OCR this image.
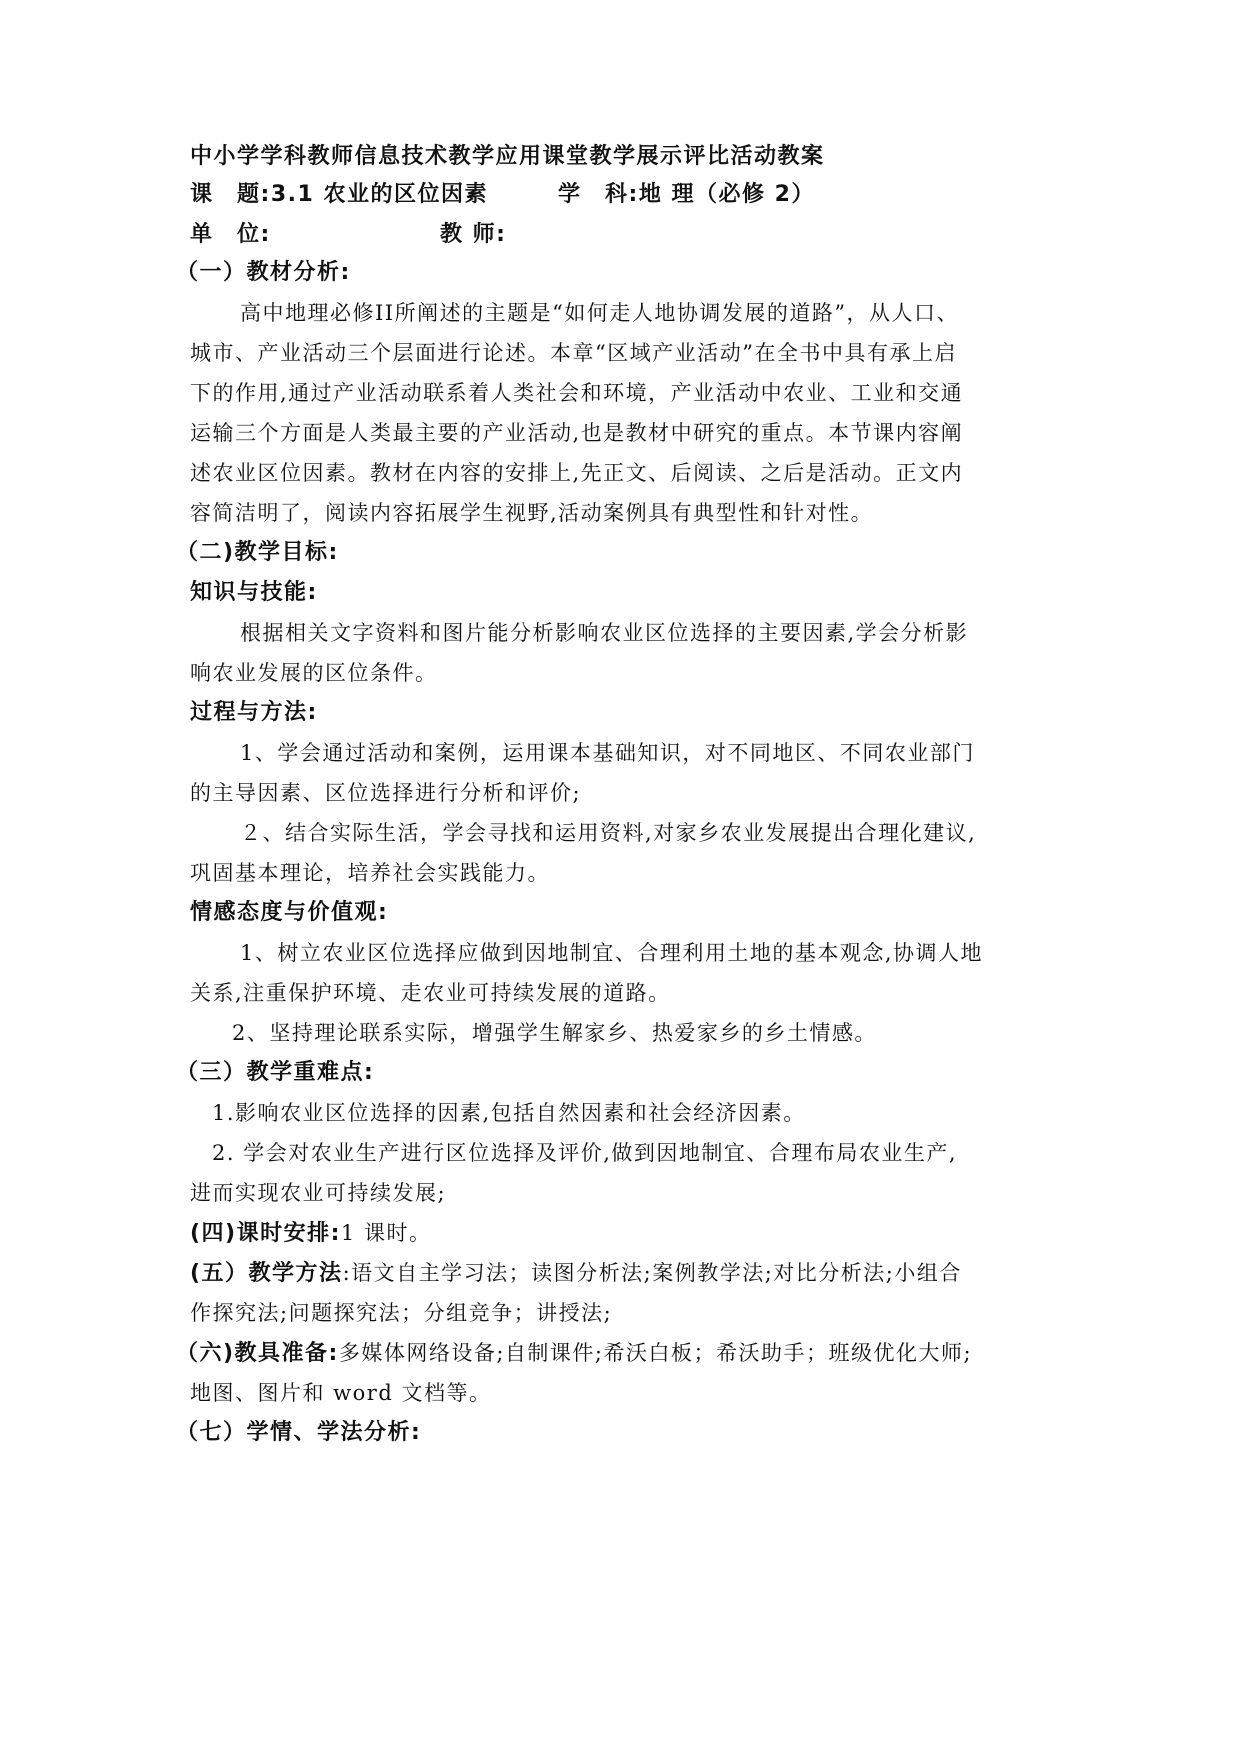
中小学学科教师信息技术教学应用课堂教学展示评比活动教案
课　题:3.1 农业的区位因素	学　科:地 理（必修 2）
单　位:	教 师:
（一）教材分析:
高中地理必修II所阐述的主题是“如何走人地协调发展的道路”，从人口、
城市、产业活动三个层面进行论述。本章“区域产业活动”在全书中具有承上启
下的作用,通过产业活动联系着人类社会和环境，产业活动中农业、工业和交通
运输三个方面是人类最主要的产业活动,也是教材中研究的重点。本节课内容阐
述农业区位因素。教材在内容的安排上,先正文、后阅读、之后是活动。正文内
容简洁明了，阅读内容拓展学生视野,活动案例具有典型性和针对性。
（二)教学目标:
知识与技能:
根据相关文字资料和图片能分析影响农业区位选择的主要因素,学会分析影
响农业发展的区位条件。
过程与方法:
1、学会通过活动和案例，运用课本基础知识，对不同地区、不同农业部门
的主导因素、区位选择进行分析和评价;
２、结合实际生活，学会寻找和运用资料,对家乡农业发展提出合理化建议,
巩固基本理论，培养社会实践能力。
情感态度与价值观:
1、树立农业区位选择应做到因地制宜、合理利用土地的基本观念,协调人地
关系,注重保护环境、走农业可持续发展的道路。
2、坚持理论联系实际，增强学生解家乡、热爱家乡的乡土情感。
（三）教学重难点:
1.影响农业区位选择的因素,包括自然因素和社会经济因素。
2. 学会对农业生产进行区位选择及评价,做到因地制宜、合理布局农业生产,
进而实现农业可持续发展;
(四)课时安排:1 课时。
(五）教学方法:语文自主学习法；读图分析法;案例教学法;对比分析法;小组合
作探究法;问题探究法；分组竞争；讲授法;
（六)教具准备:多媒体网络设备;自制课件;希沃白板；希沃助手；班级优化大师;
地图、图片和 word 文档等。
（七）学情、学法分析:
